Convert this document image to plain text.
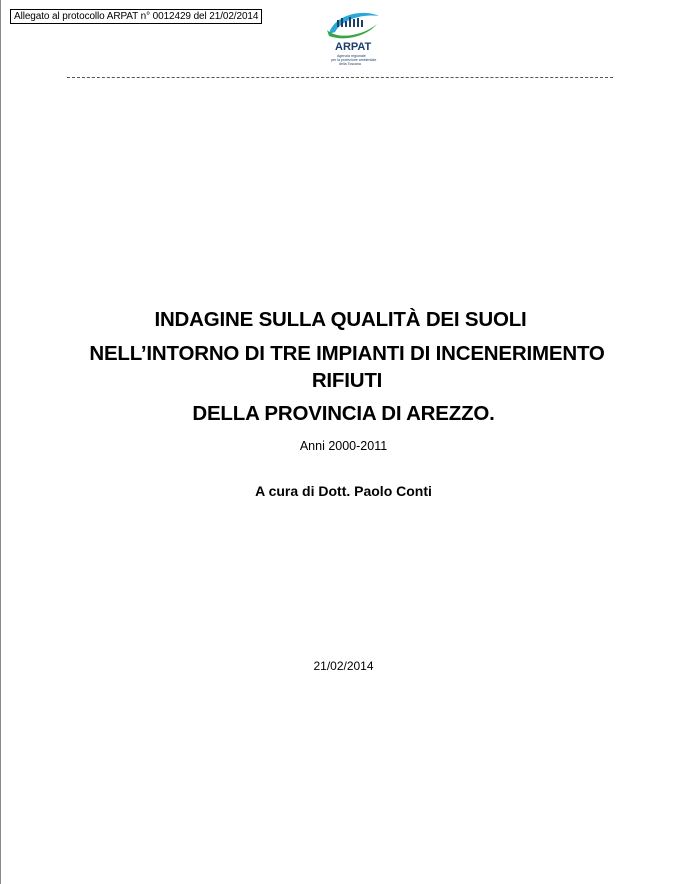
Allegato al protocollo ARPAT n° 0012429 del 21/02/2014
ARPAT
Agenzia regionale
per la protezione ambientale
della Toscana
INDAGINE SULLA QUALITÀ DEI SUOLI
NELL’INTORNO DI TRE IMPIANTI DI INCENERIMENTO
RIFIUTI
DELLA PROVINCIA DI AREZZO.
Anni 2000-2011
A cura di Dott. Paolo Conti
21/02/2014
